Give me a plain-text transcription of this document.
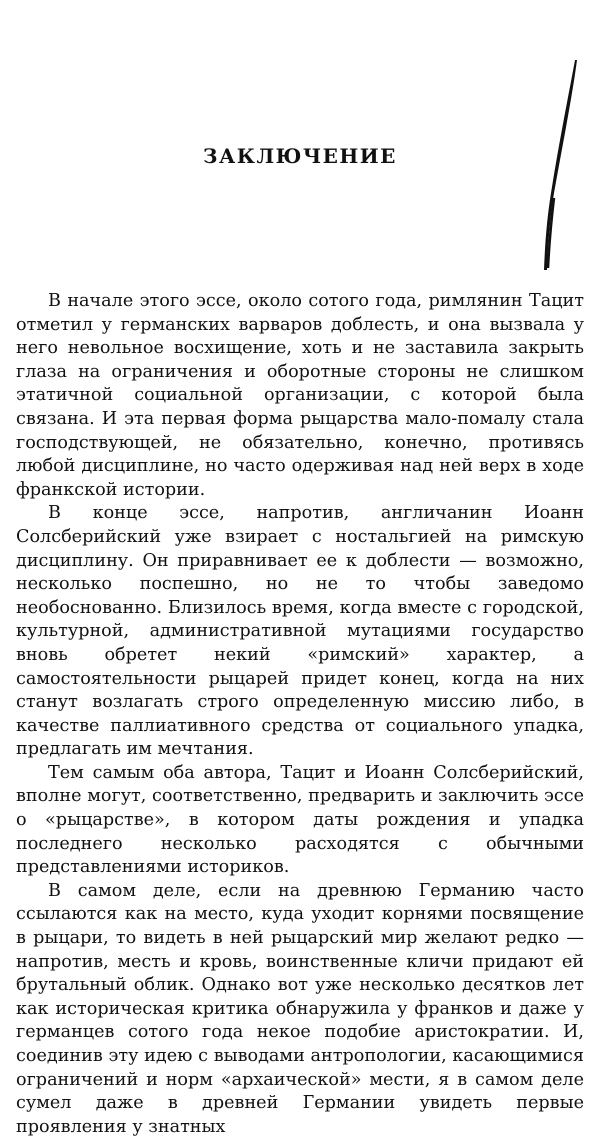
ЗАКЛЮЧЕНИЕ

В начале этого эссе, около сотого года, римлянин Тацит отметил у германских варваров доблесть, и она вызвала у него невольное восхищение, хоть и не заставила закрыть глаза на ограничения и оборотные стороны не слишком этатичной социальной организации, с которой была связана. И эта первая форма рыцарства мало-помалу стала господствующей, не обязательно, конечно, противясь любой дисциплине, но часто одерживая над ней верх в ходе франкской истории.

В конце эссе, напротив, англичанин Иоанн Солсберийский уже взирает с ностальгией на римскую дисциплину. Он приравнивает ее к доблести — возможно, несколько поспешно, но не то чтобы заведомо необоснованно. Близилось время, когда вместе с городской, культурной, административной мутациями государство вновь обретет некий «римский» характер, а самостоятельности рыцарей придет конец, когда на них станут возлагать строго определенную миссию либо, в качестве паллиативного средства от социального упадка, предлагать им мечтания.

Тем самым оба автора, Тацит и Иоанн Солсберийский, вполне могут, соответственно, предварить и заключить эссе о «рыцарстве», в котором даты рождения и упадка последнего несколько расходятся с обычными представлениями историков.

В самом деле, если на древнюю Германию часто ссылаются как на место, куда уходит корнями посвящение в рыцари, то видеть в ней рыцарский мир желают редко — напротив, месть и кровь, воинственные кличи придают ей брутальный облик. Однако вот уже несколько десятков лет как историческая критика обнаружила у франков и даже у германцев сотого года некое подобие аристократии. И, соединив эту идею с выводами антропологии, касающимися ограничений и норм «архаической» мести, я в самом деле сумел даже в древней Германии увидеть первые проявления у знатных
